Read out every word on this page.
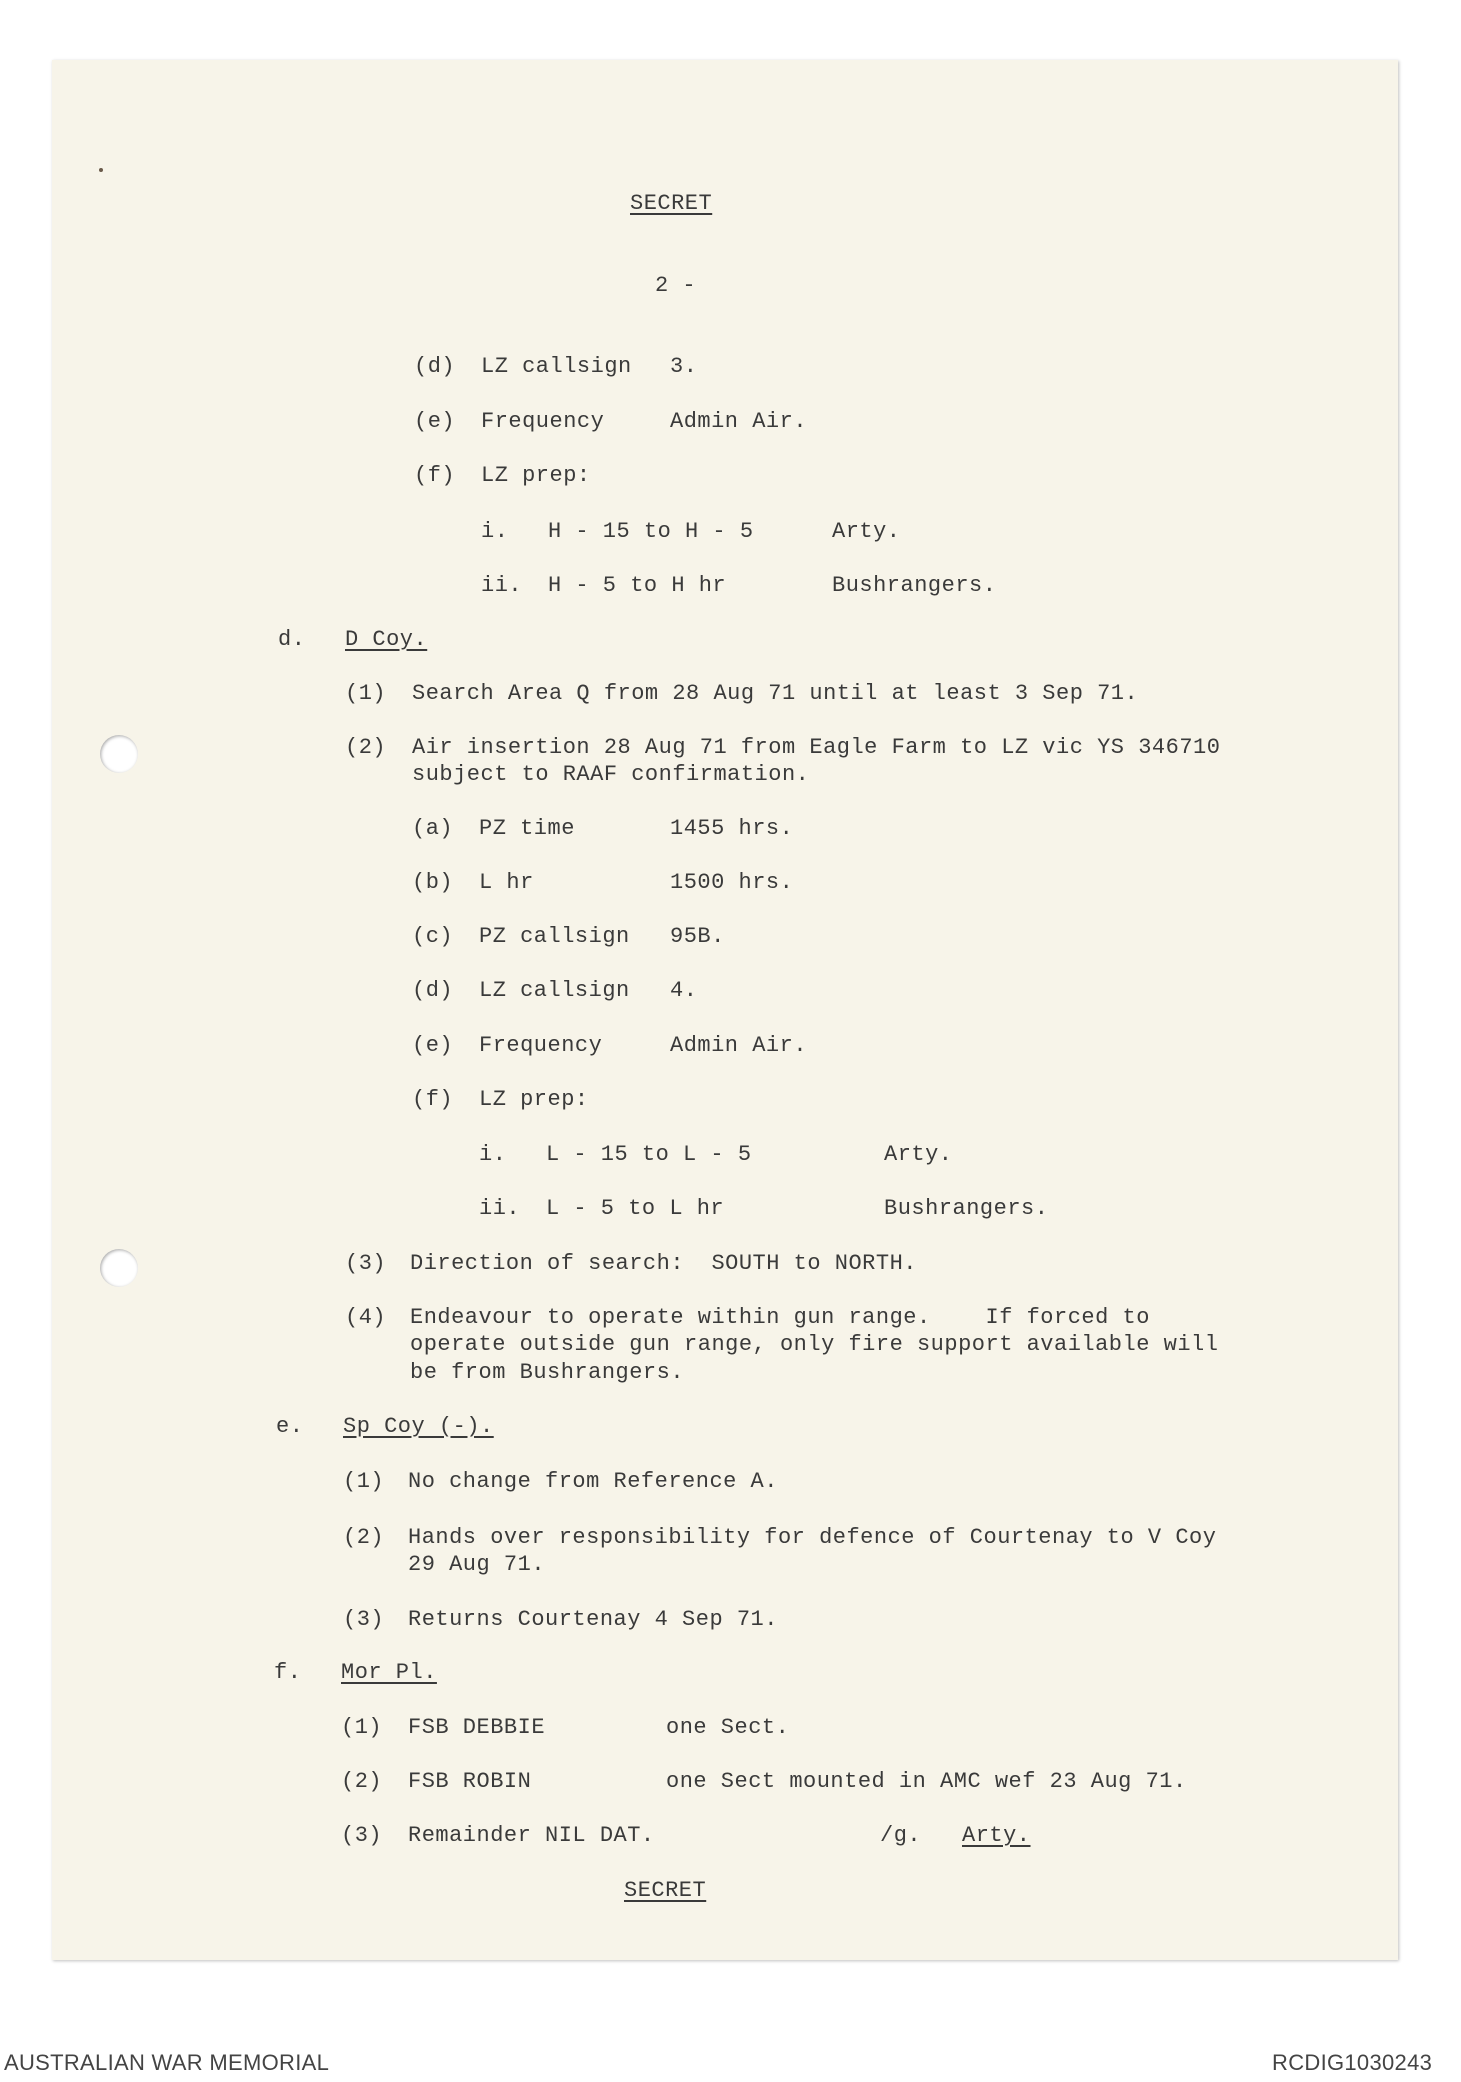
SECRET
2 -
(d) LZ callsign 3.
(e) Frequency	Admin Air.
(f) LZ prep:
i. H - 15 to H - 5	Arty.
ii. H - 5 to H hr	Bushrangers.
d. D Coy.
(1) Search Area Q from 28 Aug 71 until at least 3 Sep 71.
(2) Air insertion 28 Aug 71 from Eagle Farm to LZ vic YS 346710
subject to RAAF confirmation.
(a) PZ time	1455 hrs.
(b) L hr	1500 hrs.
(c) PZ callsign 95B.
(d) LZ callsign 4.
(e) Frequency	Admin Air.
(f) LZ prep:
i. L - 15 to L - 5	Arty.
ii. L - 5 to L hr	Bushrangers.
(3) Direction of search:  SOUTH to NORTH.
(4) Endeavour to operate within gun range.    If forced to
operate outside gun range, only fire support available will
be from Bushrangers.
e. Sp Coy (-).
(1) No change from Reference A.
(2) Hands over responsibility for defence of Courtenay to V Coy
29 Aug 71.
(3) Returns Courtenay 4 Sep 71.
f. Mor Pl.
(1) FSB DEBBIE	one Sect.
(2) FSB ROBIN	one Sect mounted in AMC wef 23 Aug 71.
(3) Remainder NIL DAT.	/g. Arty.
SECRET
AUSTRALIAN WAR MEMORIAL	RCDIG1030243
